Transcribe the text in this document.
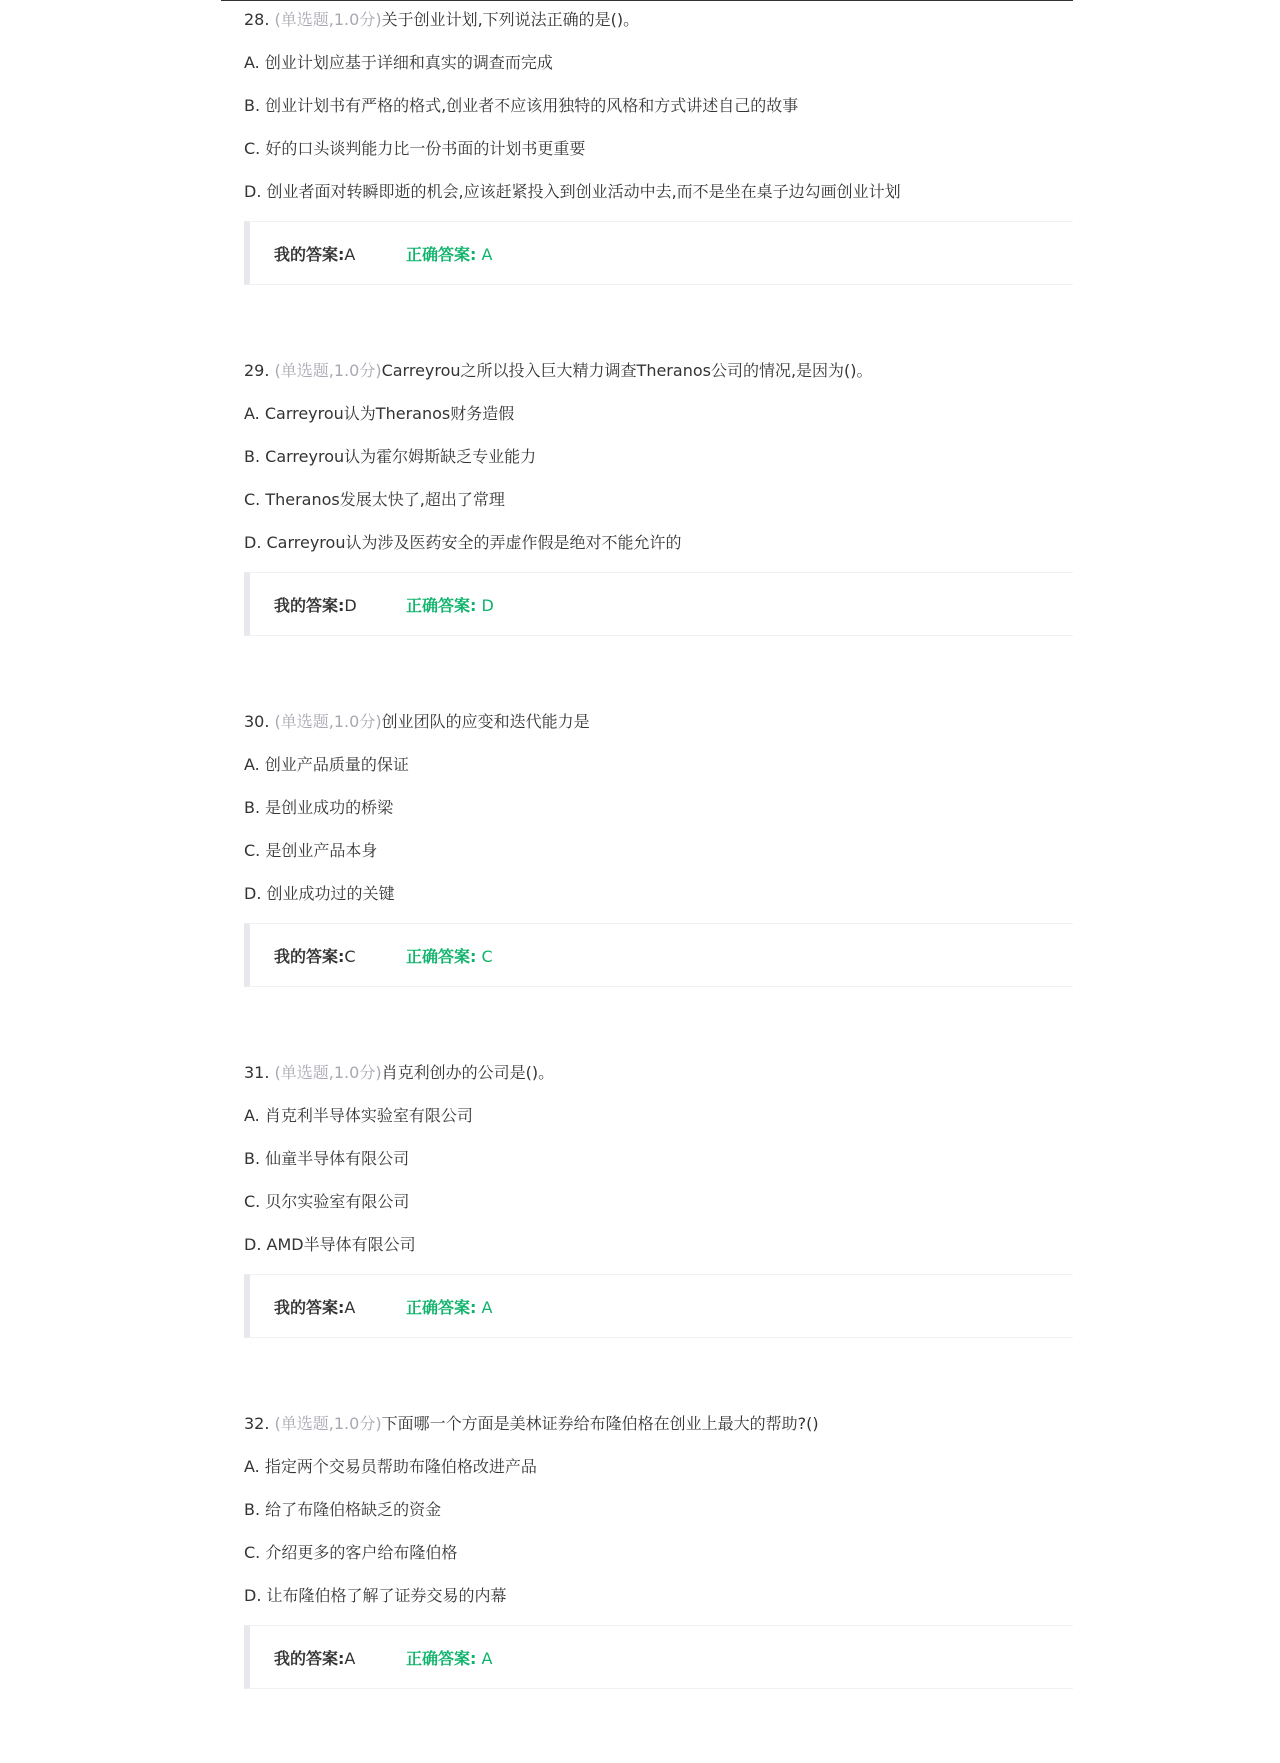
28. (单选题,1.0分)关于创业计划,下列说法正确的是()。

A. 创业计划应基于详细和真实的调查而完成
B. 创业计划书有严格的格式,创业者不应该用独特的风格和方式讲述自己的故事
C. 好的口头谈判能力比一份书面的计划书更重要
D. 创业者面对转瞬即逝的机会,应该赶紧投入到创业活动中去,而不是坐在桌子边勾画创业计划
我的答案:A	正确答案: A

29. (单选题,1.0分)Carreyrou之所以投入巨大精力调查Theranos公司的情况,是因为()。

A. Carreyrou认为Theranos财务造假
B. Carreyrou认为霍尔姆斯缺乏专业能力
C. Theranos发展太快了,超出了常理
D. Carreyrou认为涉及医药安全的弄虚作假是绝对不能允许的
我的答案:D	正确答案: D

30. (单选题,1.0分)创业团队的应变和迭代能力是

A. 创业产品质量的保证
B. 是创业成功的桥梁
C. 是创业产品本身
D. 创业成功过的关键
我的答案:C	正确答案: C

31. (单选题,1.0分)肖克利创办的公司是()。

A. 肖克利半导体实验室有限公司
B. 仙童半导体有限公司
C. 贝尔实验室有限公司
D. AMD半导体有限公司
我的答案:A	正确答案: A

32. (单选题,1.0分)下面哪一个方面是美林证券给布隆伯格在创业上最大的帮助?()

A. 指定两个交易员帮助布隆伯格改进产品
B. 给了布隆伯格缺乏的资金
C. 介绍更多的客户给布隆伯格
D. 让布隆伯格了解了证券交易的内幕
我的答案:A	正确答案: A
